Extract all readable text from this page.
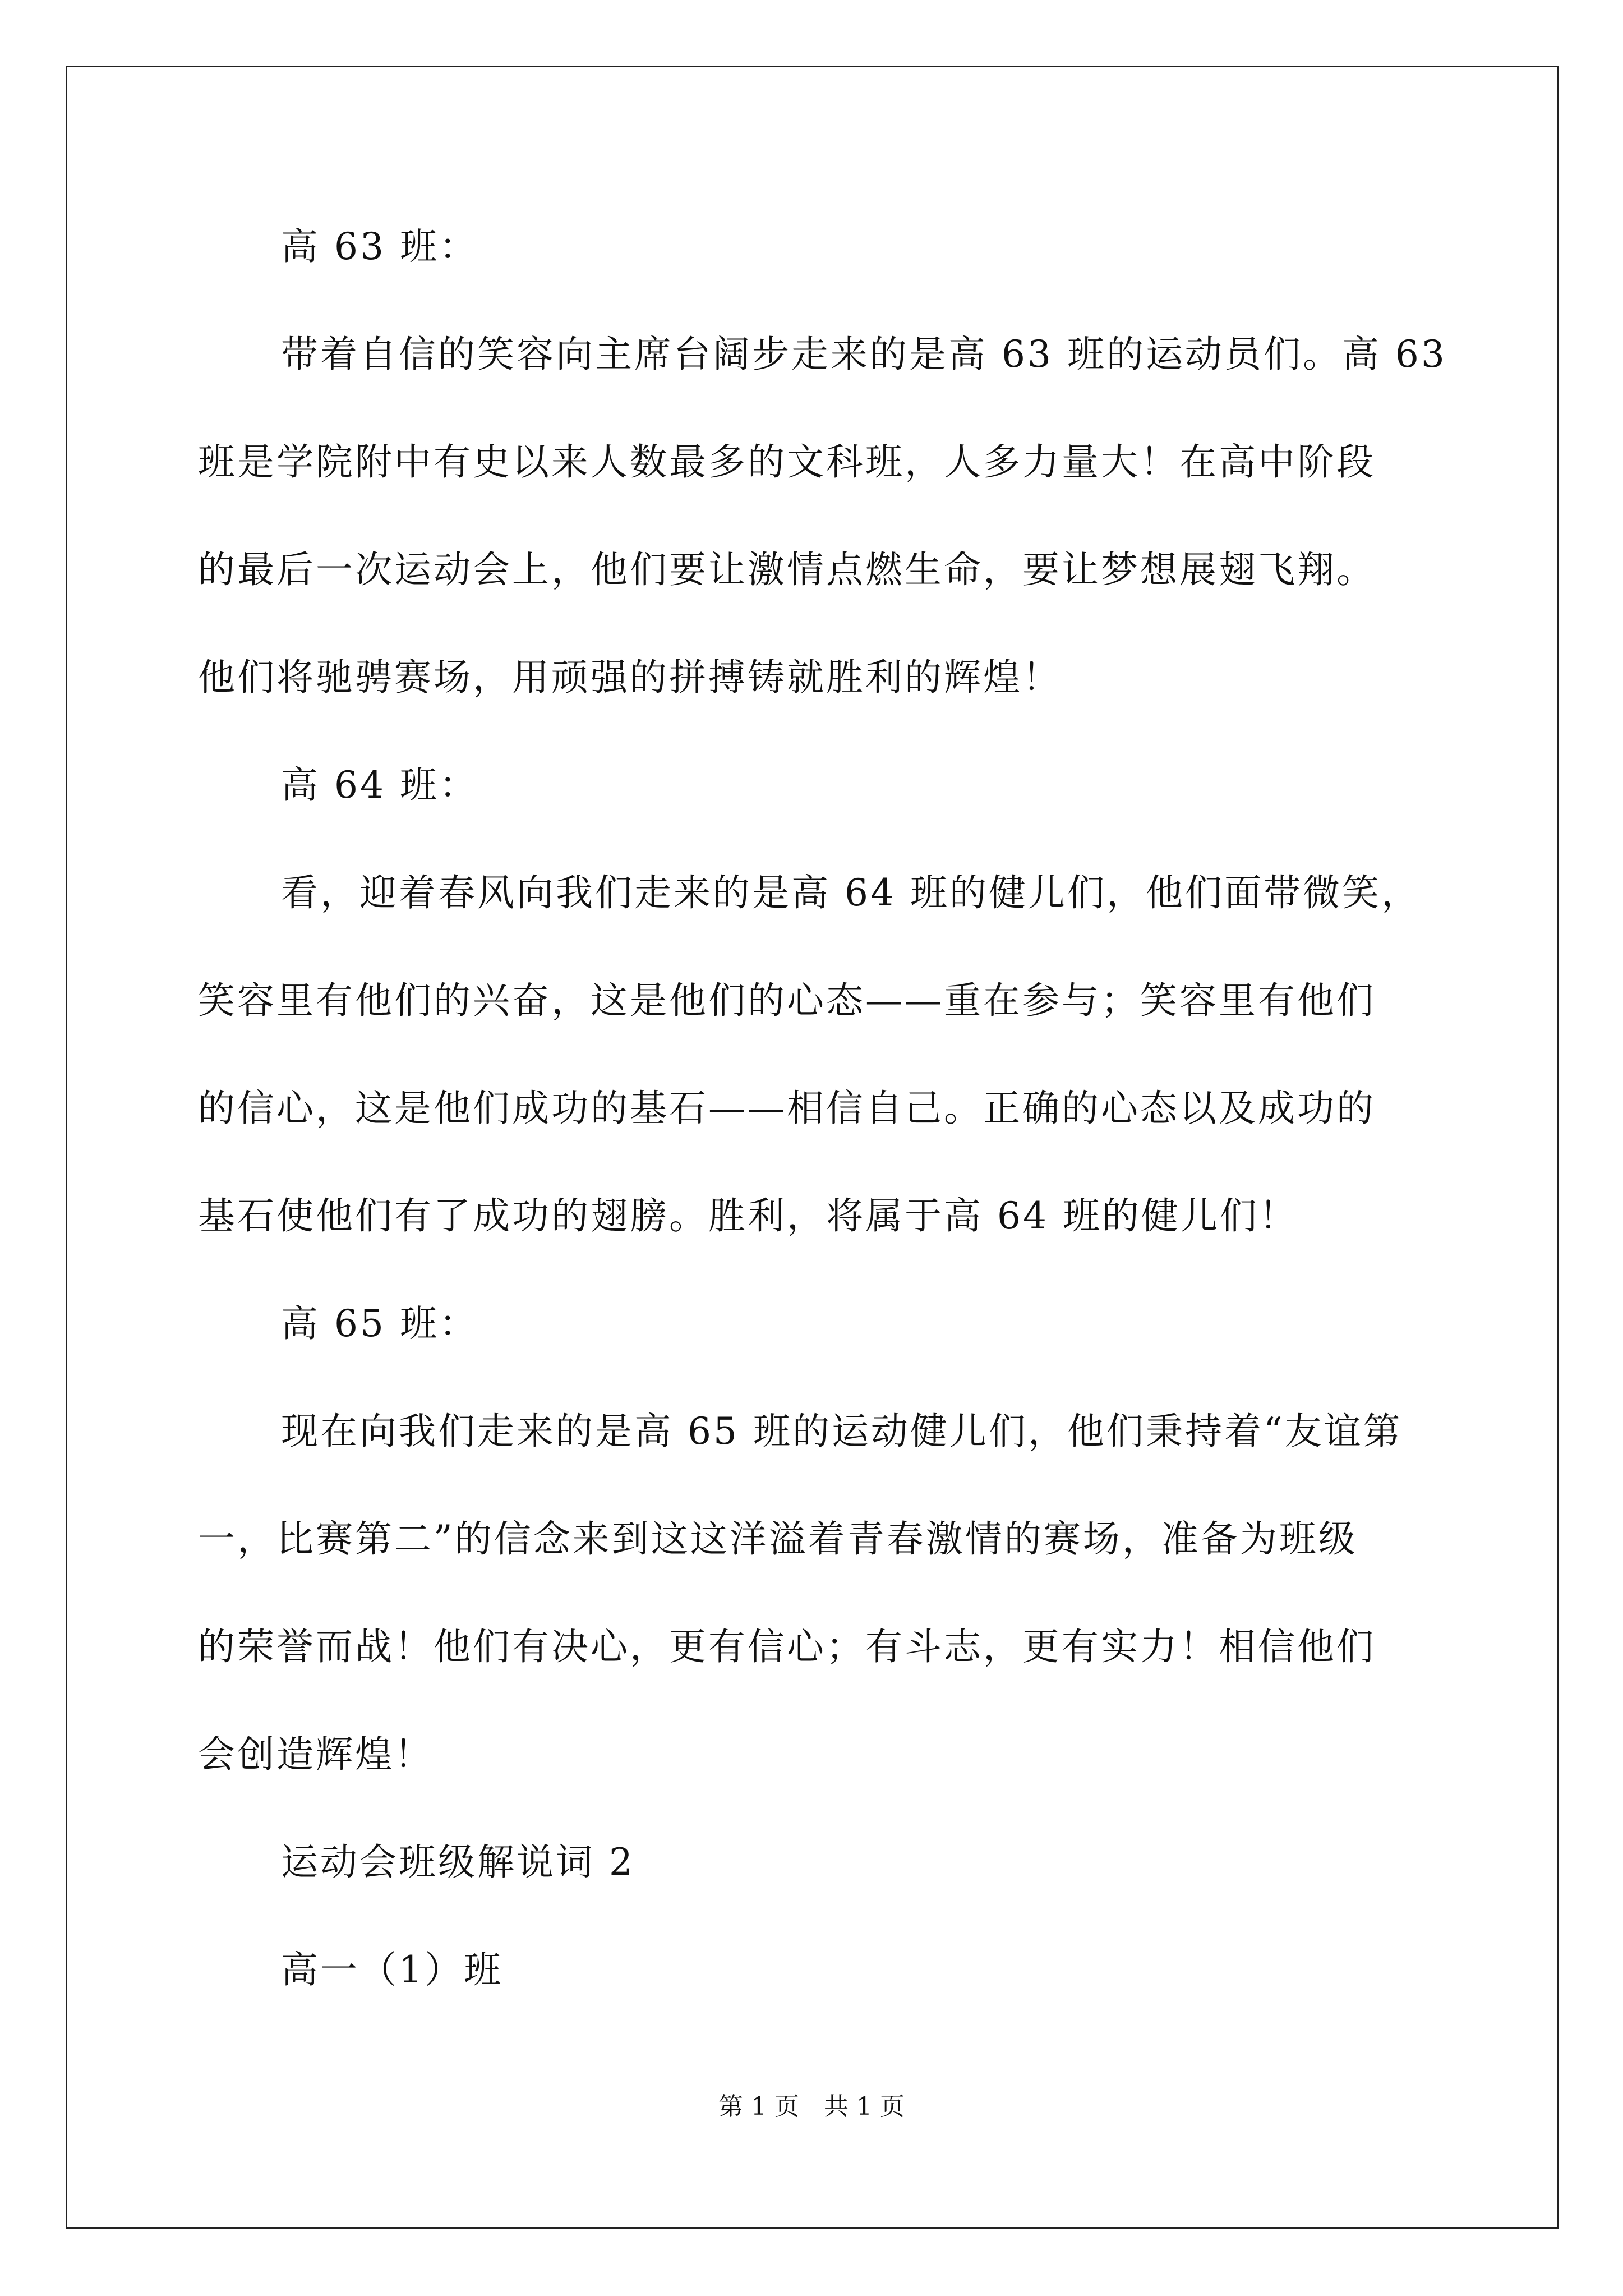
高 63 班：
带着自信的笑容向主席台阔步走来的是高 63 班的运动员们。高 63
班是学院附中有史以来人数最多的文科班，人多力量大！在高中阶段
的最后一次运动会上，他们要让激情点燃生命，要让梦想展翅飞翔。
他们将驰骋赛场，用顽强的拼搏铸就胜利的辉煌！
高 64 班：
看，迎着春风向我们走来的是高 64 班的健儿们，他们面带微笑，
笑容里有他们的兴奋，这是他们的心态——重在参与；笑容里有他们
的信心，这是他们成功的基石——相信自己。正确的心态以及成功的
基石使他们有了成功的翅膀。胜利，将属于高 64 班的健儿们！
高 65 班：
现在向我们走来的是高 65 班的运动健儿们，他们秉持着“友谊第
一，比赛第二”的信念来到这这洋溢着青春激情的赛场，准备为班级
的荣誉而战！他们有决心，更有信心；有斗志，更有实力！相信他们
会创造辉煌！
运动会班级解说词 2
高一（1）班
第 1 页　共 1 页
